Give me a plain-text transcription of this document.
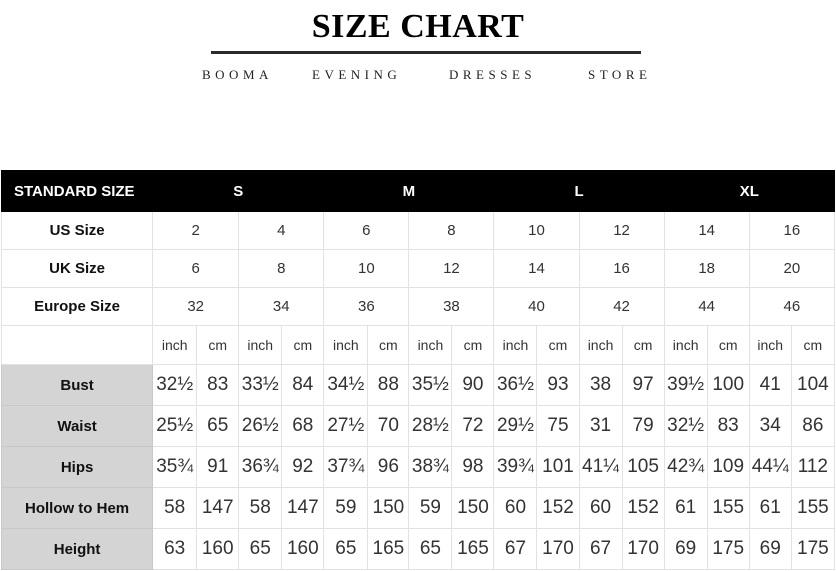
SIZE CHART
BOOMA	EVENING	DRESSES	STORE
STANDARD SIZE	S				M				L				XL			
US Size	2		4		6		8		10		12		14		16	
UK Size	6		8		10		12		14		16		18		20	
Europe Size	32		34		36		38		40		42		44		46	
	inch	cm	inch	cm	inch	cm	inch	cm	inch	cm	inch	cm	inch	cm	inch	cm
Bust	32½	83	33½	84	34½	88	35½	90	36½	93	38	97	39½	100	41	104
Waist	25½	65	26½	68	27½	70	28½	72	29½	75	31	79	32½	83	34	86
Hips	35¾	91	36¾	92	37¾	96	38¾	98	39¾	101	41¼	105	42¾	109	44¼	112
Hollow to Hem	58	147	58	147	59	150	59	150	60	152	60	152	61	155	61	155
Height	63	160	65	160	65	165	65	165	67	170	67	170	69	175	69	175
